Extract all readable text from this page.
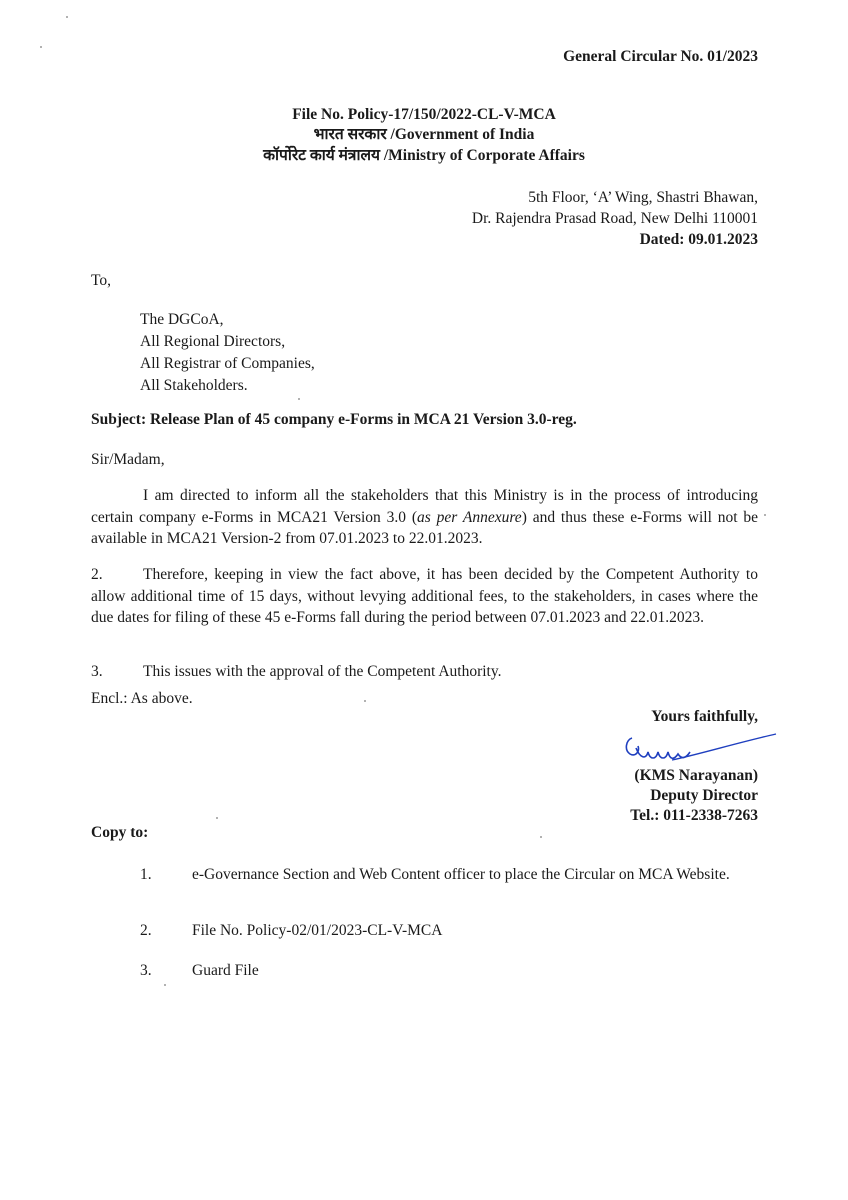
General Circular No. 01/2023

File No. Policy-17/150/2022-CL-V-MCA

भारत सरकार /Government of India

कॉर्पोरेट कार्य मंत्रालय /Ministry of Corporate Affairs

5th Floor, ‘A’ Wing, Shastri Bhawan,

Dr. Rajendra Prasad Road, New Delhi 110001

Dated: 09.01.2023

To,

The DGCoA,

All Regional Directors,

All Registrar of Companies,

All Stakeholders.

Subject: Release Plan of 45 company e-Forms in MCA 21 Version 3.0-reg.

Sir/Madam,

I am directed to inform all the stakeholders that this Ministry is in the process of introducing certain company e-Forms in MCA21 Version 3.0 (as per Annexure) and thus these e-Forms will not be available in MCA21 Version-2 from 07.01.2023 to 22.01.2023.

2.	Therefore, keeping in view the fact above, it has been decided by the Competent Authority to allow additional time of 15 days, without levying additional fees, to the stakeholders, in cases where the due dates for filing of these 45 e-Forms fall during the period between 07.01.2023 and 22.01.2023.

3.	This issues with the approval of the Competent Authority.

Encl.: As above.

Yours faithfully,

(KMS Narayanan)

Deputy Director

Tel.: 011-2338-7263

Copy to:

1.	e-Governance Section and Web Content officer to place the Circular on MCA Website.

2.	File No. Policy-02/01/2023-CL-V-MCA

3.	Guard File
